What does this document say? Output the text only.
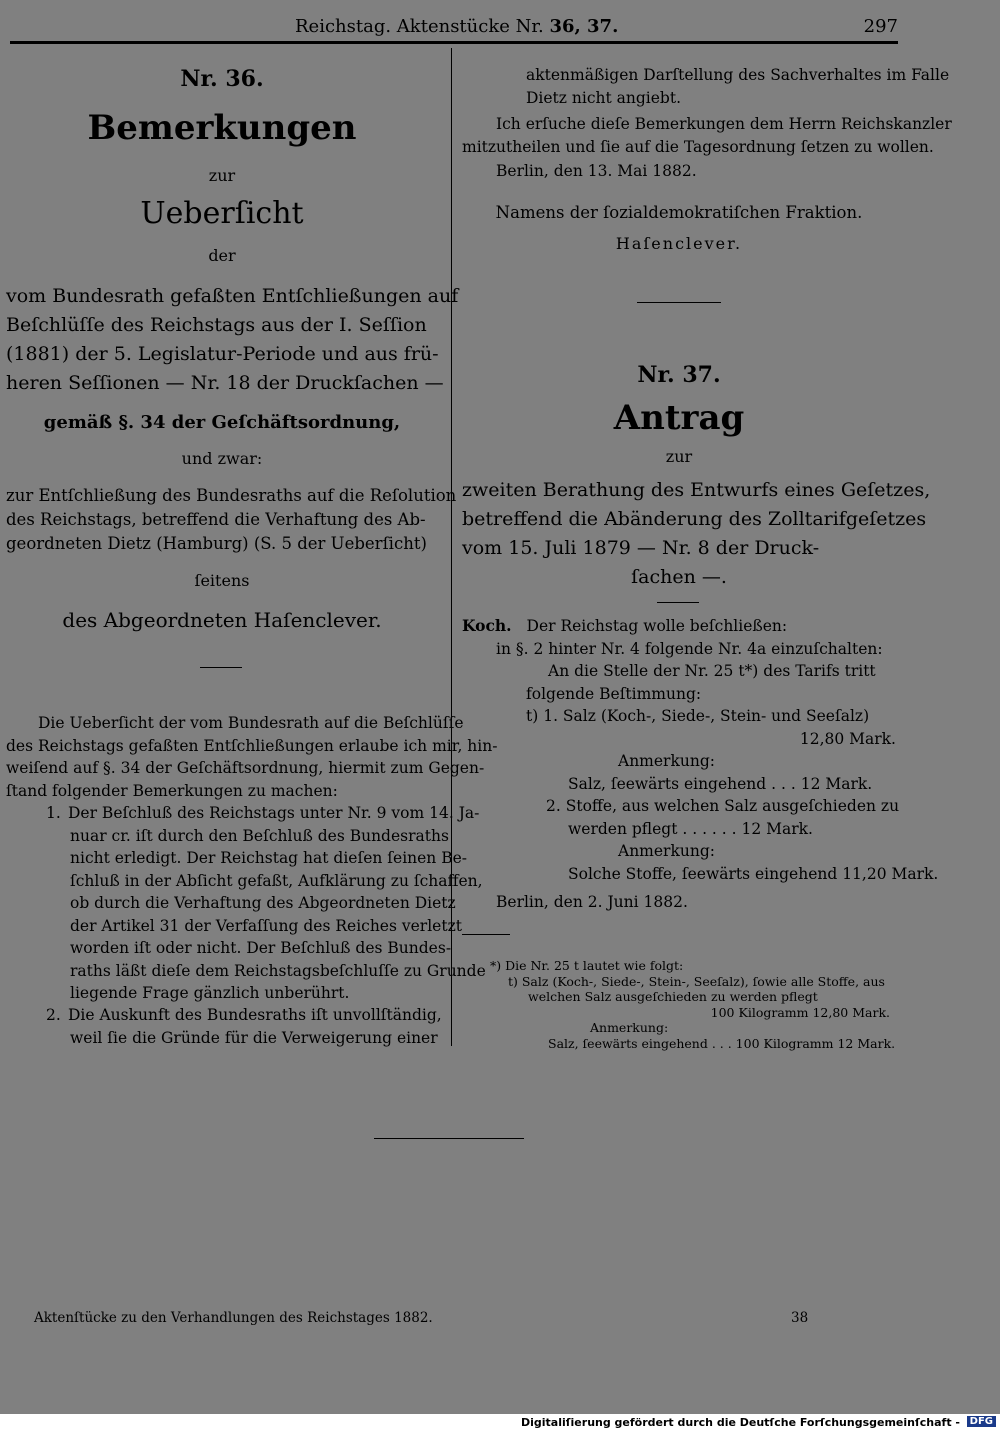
Reichstag. Aktenstücke Nr. 36, 37.	297
Nr. 36.
Bemerkungen
zur
Ueberſicht
der
vom Bundesrath gefaßten Entſchließungen auf
Beſchlüſſe des Reichstags aus der I. Seſſion
(1881) der 5. Legislatur-Periode und aus frü-
heren Seſſionen — Nr. 18 der Druckſachen —
gemäß §. 34 der Geſchäftsordnung,
und zwar:
zur Entſchließung des Bundesraths auf die Reſolution
des Reichstags, betreffend die Verhaftung des Ab-
geordneten Dietz (Hamburg) (S. 5 der Ueberſicht)
ſeitens
des Abgeordneten Haſenclever.
Die Ueberſicht der vom Bundesrath auf die Beſchlüſſe
des Reichstags gefaßten Entſchließungen erlaube ich mir, hin-
weiſend auf §. 34 der Geſchäftsordnung, hiermit zum Gegen-
ſtand folgender Bemerkungen zu machen:
1. Der Beſchluß des Reichstags unter Nr. 9 vom 14. Ja-
nuar cr. iſt durch den Beſchluß des Bundesraths
nicht erledigt. Der Reichstag hat dieſen ſeinen Be-
ſchluß in der Abſicht gefaßt, Aufklärung zu ſchaffen,
ob durch die Verhaftung des Abgeordneten Dietz
der Artikel 31 der Verfaſſung des Reiches verletzt
worden iſt oder nicht. Der Beſchluß des Bundes-
raths läßt dieſe dem Reichstagsbeſchluſſe zu Grunde
liegende Frage gänzlich unberührt.
2. Die Auskunft des Bundesraths iſt unvollſtändig,
weil ſie die Gründe für die Verweigerung einer
aktenmäßigen Darſtellung des Sachverhaltes im Falle
Dietz nicht angiebt.
Ich erſuche dieſe Bemerkungen dem Herrn Reichskanzler
mitzutheilen und ſie auf die Tagesordnung ſetzen zu wollen.
Berlin, den 13. Mai 1882.
Namens der ſozialdemokratiſchen Fraktion.
Haſenclever.
Nr. 37.
Antrag
zur
zweiten Berathung des Entwurfs eines Geſetzes,
betreffend die Abänderung des Zolltarifgeſetzes
vom 15. Juli 1879 — Nr. 8 der Druck-
ſachen —.
Koch. Der Reichstag wolle beſchließen:
in §. 2 hinter Nr. 4 folgende Nr. 4a einzuſchalten:
An die Stelle der Nr. 25 t*) des Tarifs tritt
folgende Beſtimmung:
t) 1. Salz (Koch-, Siede-, Stein- und Seeſalz)
12,80 Mark.
Anmerkung:
Salz, ſeewärts eingehend . . . 12 Mark.
2. Stoffe, aus welchen Salz ausgeſchieden zu
werden pflegt . . . . . . 12 Mark.
Anmerkung:
Solche Stoffe, ſeewärts eingehend 11,20 Mark.
Berlin, den 2. Juni 1882.
*) Die Nr. 25 t lautet wie folgt:
t) Salz (Koch-, Siede-, Stein-, Seeſalz), ſowie alle Stoffe, aus
welchen Salz ausgeſchieden zu werden pflegt
100 Kilogramm 12,80 Mark.
Anmerkung:
Salz, ſeewärts eingehend . . . 100 Kilogramm 12 Mark.
Aktenſtücke zu den Verhandlungen des Reichstages 1882.	38
Digitaliſierung gefördert durch die Deutſche Forſchungsgemeinſchaft - DFG
